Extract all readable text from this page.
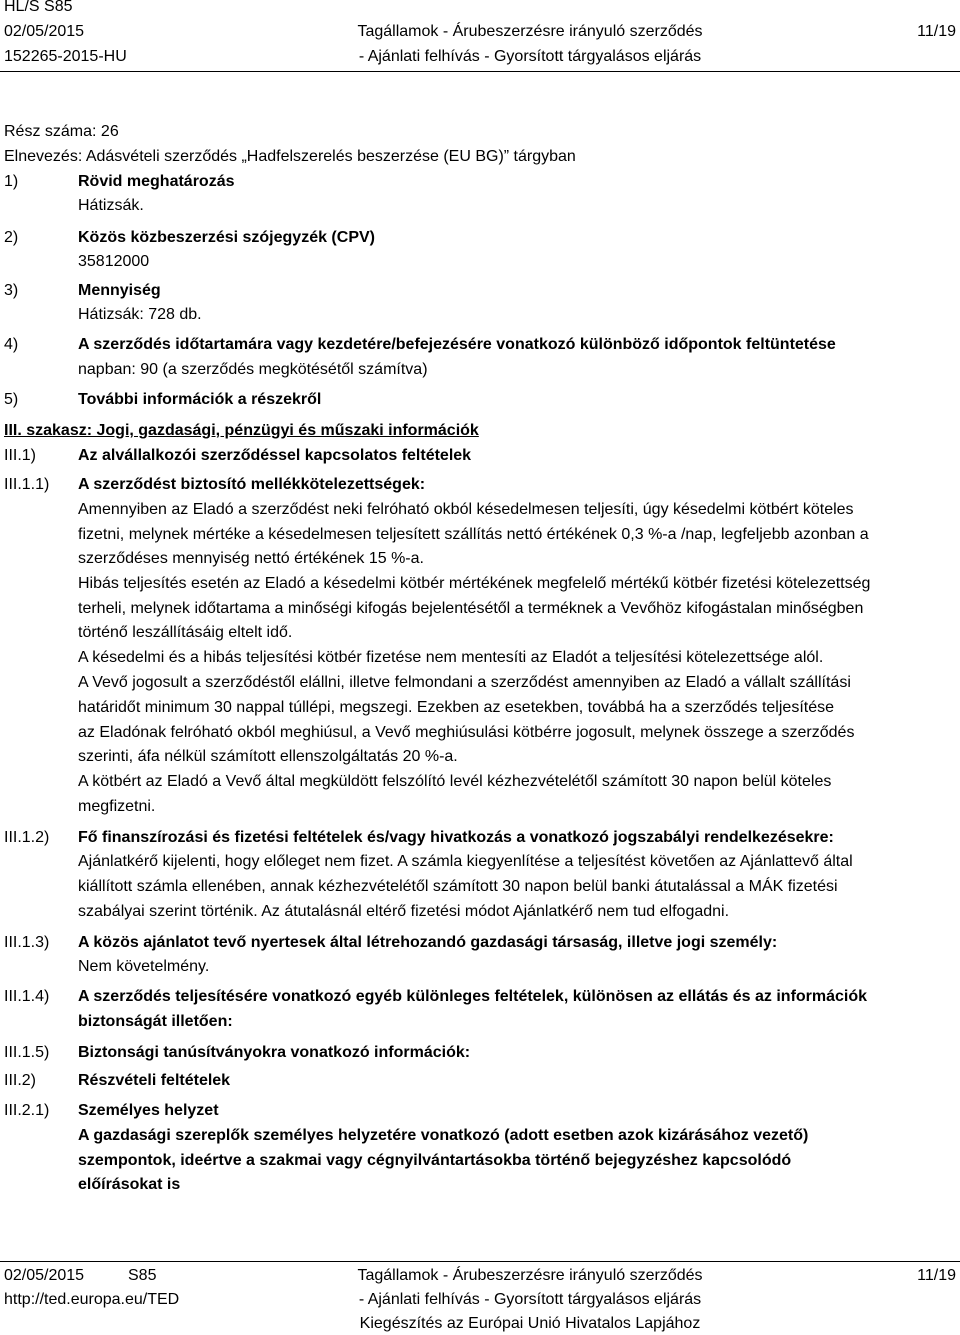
HL/S S85
02/05/2015
152265-2015-HU
Tagállamok - Árubeszerzésre irányuló szerződés
- Ajánlati felhívás - Gyorsított tárgyalásos eljárás
11/19
Rész száma: 26
Elnevezés: Adásvételi szerződés „Hadfelszerelés beszerzése (EU BG)” tárgyban
1)	Rövid meghatározás
Hátizsák.
2)	Közös közbeszerzési szójegyzék (CPV)
35812000
3)	Mennyiség
Hátizsák: 728 db.
4)	A szerződés időtartamára vagy kezdetére/befejezésére vonatkozó különböző időpontok feltüntetése
napban: 90 (a szerződés megkötésétől számítva)
5)	További információk a részekről
III. szakasz: Jogi, gazdasági, pénzügyi és műszaki információk
III.1)	Az alvállalkozói szerződéssel kapcsolatos feltételek
III.1.1) A szerződést biztosító mellékkötelezettségek:
Amennyiben az Eladó a szerződést neki felróható okból késedelmesen teljesíti, úgy késedelmi kötbért köteles
fizetni, melynek mértéke a késedelmesen teljesített szállítás nettó értékének 0,3 %-a /nap, legfeljebb azonban a
szerződéses mennyiség nettó értékének 15 %-a.
Hibás teljesítés esetén az Eladó a késedelmi kötbér mértékének megfelelő mértékű kötbér fizetési kötelezettség
terheli, melynek időtartama a minőségi kifogás bejelentésétől a terméknek a Vevőhöz kifogástalan minőségben
történő leszállításáig eltelt idő.
A késedelmi és a hibás teljesítési kötbér fizetése nem mentesíti az Eladót a teljesítési kötelezettsége alól.
A Vevő jogosult a szerződéstől elállni, illetve felmondani a szerződést amennyiben az Eladó a vállalt szállítási
határidőt minimum 30 nappal túllépi, megszegi. Ezekben az esetekben, továbbá ha a szerződés teljesítése
az Eladónak felróható okból meghiúsul, a Vevő meghiúsulási kötbérre jogosult, melynek összege a szerződés
szerinti, áfa nélkül számított ellenszolgáltatás 20 %-a.
A kötbért az Eladó a Vevő által megküldött felszólító levél kézhezvételétől számított 30 napon belül köteles
megfizetni.
III.1.2) Fő finanszírozási és fizetési feltételek és/vagy hivatkozás a vonatkozó jogszabályi rendelkezésekre:
Ajánlatkérő kijelenti, hogy előleget nem fizet. A számla kiegyenlítése a teljesítést követően az Ajánlattevő által
kiállított számla ellenében, annak kézhezvételétől számított 30 napon belül banki átutalással a MÁK fizetési
szabályai szerint történik. Az átutalásnál eltérő fizetési módot Ajánlatkérő nem tud elfogadni.
III.1.3) A közös ajánlatot tevő nyertesek által létrehozandó gazdasági társaság, illetve jogi személy:
Nem követelmény.
III.1.4) A szerződés teljesítésére vonatkozó egyéb különleges feltételek, különösen az ellátás és az információk
biztonságát illetően:
III.1.5) Biztonsági tanúsítványokra vonatkozó információk:
III.2)	Részvételi feltételek
III.2.1) Személyes helyzet
A gazdasági szereplők személyes helyzetére vonatkozó (adott esetben azok kizárásához vezető)
szempontok, ideértve a szakmai vagy cégnyilvántartásokba történő bejegyzéshez kapcsolódó
előírásokat is
02/05/2015	S85
http://ted.europa.eu/TED
Tagállamok - Árubeszerzésre irányuló szerződés
- Ajánlati felhívás - Gyorsított tárgyalásos eljárás
Kiegészítés az Európai Unió Hivatalos Lapjához
11/19
